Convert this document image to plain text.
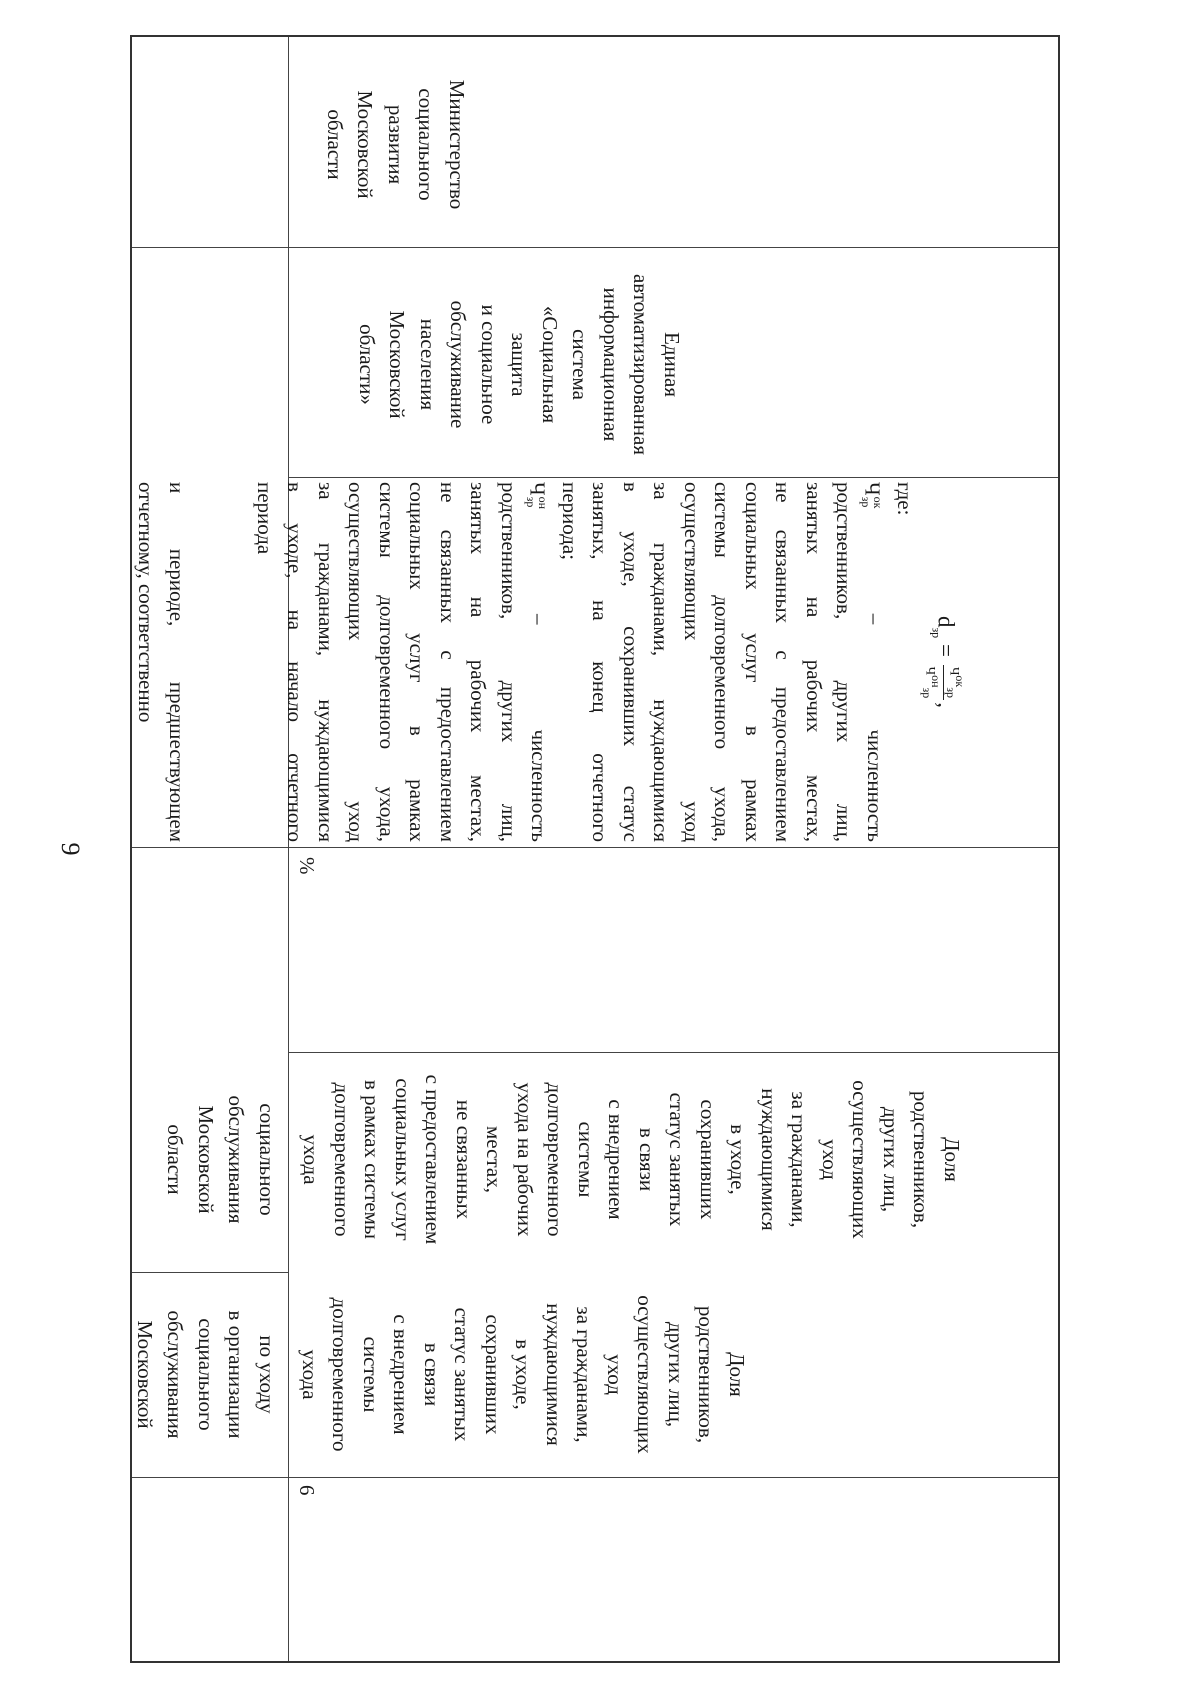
9
по уходу
в организации
социального
обслуживания
Московской
социального
обслуживания
Московской
области
и периоде, предшествующем
отчетному, соответственно
6
Доля
родственников,
других лиц,
осуществляющих
уход
за гражданами,
нуждающимися
в уходе,
сохранивших
статус занятых
в связи
с внедрением
системы
долговременного
ухода
Доля
родственников,
других лиц,
осуществляющих
уход
за гражданами,
нуждающимися
в уходе,
сохранивших
статус занятых
в связи
с внедрением
системы
долговременного
ухода на рабочих
местах,
не связанных
с предоставлением
социальных услуг
в рамках системы
долговременного
ухода
%
$d_{зр}$ =
$Ч^{ок}_{зр}$
$Ч^{он}_{зр}$
,
где:
Ч
ок
зр
– численность
родственников, других лиц,
занятых на рабочих местах,
не связанных с предоставлением
социальных услуг в рамках
системы долговременного ухода,
осуществляющих уход
за гражданами, нуждающимися
в уходе, сохранивших статус
занятых, на конец отчетного
периода;
Ч
он
зр
– численность
родственников, других лиц,
занятых на рабочих местах,
не связанных с предоставлением
социальных услуг в рамках
системы долговременного ухода,
осуществляющих уход
за гражданами, нуждающимися
в уходе, на начало отчетного
периода
Единая
автоматизированная
информационная
система
«Социальная
защита
и социальное
обслуживание
населения
Московской
области»
Министерство
социального
развития
Московской
области
